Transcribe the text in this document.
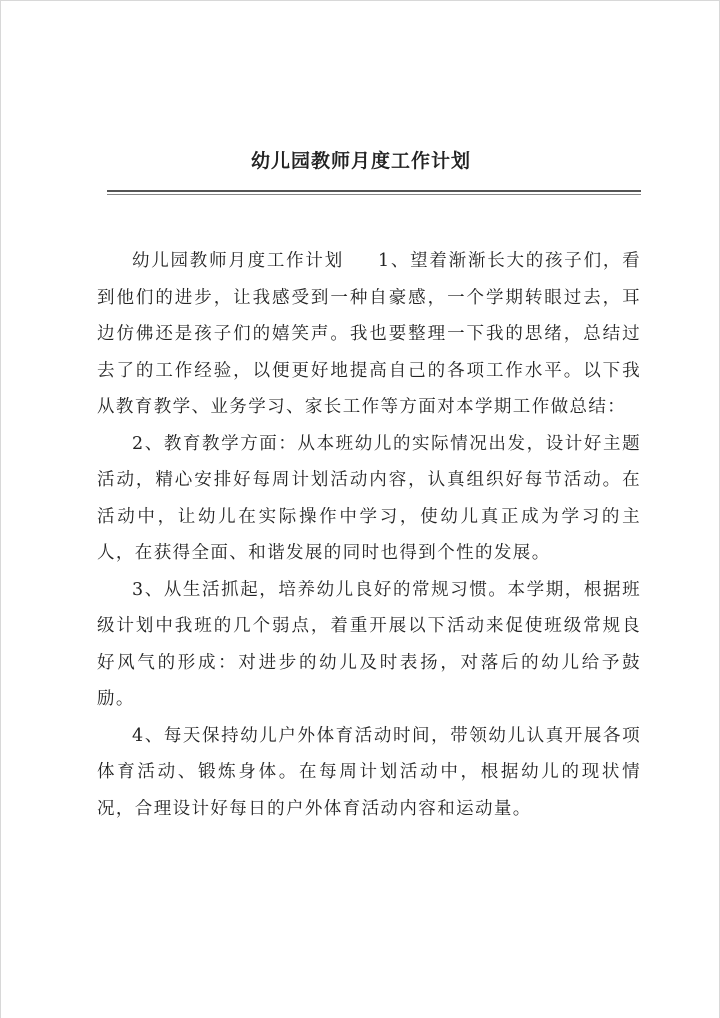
幼儿园教师月度工作计划

幼儿园教师月度工作计划 1、望着渐渐长大的孩子们，看到他们的进步，让我感受到一种自豪感，一个学期转眼过去，耳边仿佛还是孩子们的嬉笑声。我也要整理一下我的思绪，总结过去了的工作经验，以便更好地提高自己的各项工作水平。以下我从教育教学、业务学习、家长工作等方面对本学期工作做总结：

2、教育教学方面：从本班幼儿的实际情况出发，设计好主题活动，精心安排好每周计划活动内容，认真组织好每节活动。在活动中，让幼儿在实际操作中学习，使幼儿真正成为学习的主人，在获得全面、和谐发展的同时也得到个性的发展。

3、从生活抓起，培养幼儿良好的常规习惯。本学期，根据班级计划中我班的几个弱点，着重开展以下活动来促使班级常规良好风气的形成：对进步的幼儿及时表扬，对落后的幼儿给予鼓励。

4、每天保持幼儿户外体育活动时间，带领幼儿认真开展各项体育活动、锻炼身体。在每周计划活动中，根据幼儿的现状情况，合理设计好每日的户外体育活动内容和运动量。
